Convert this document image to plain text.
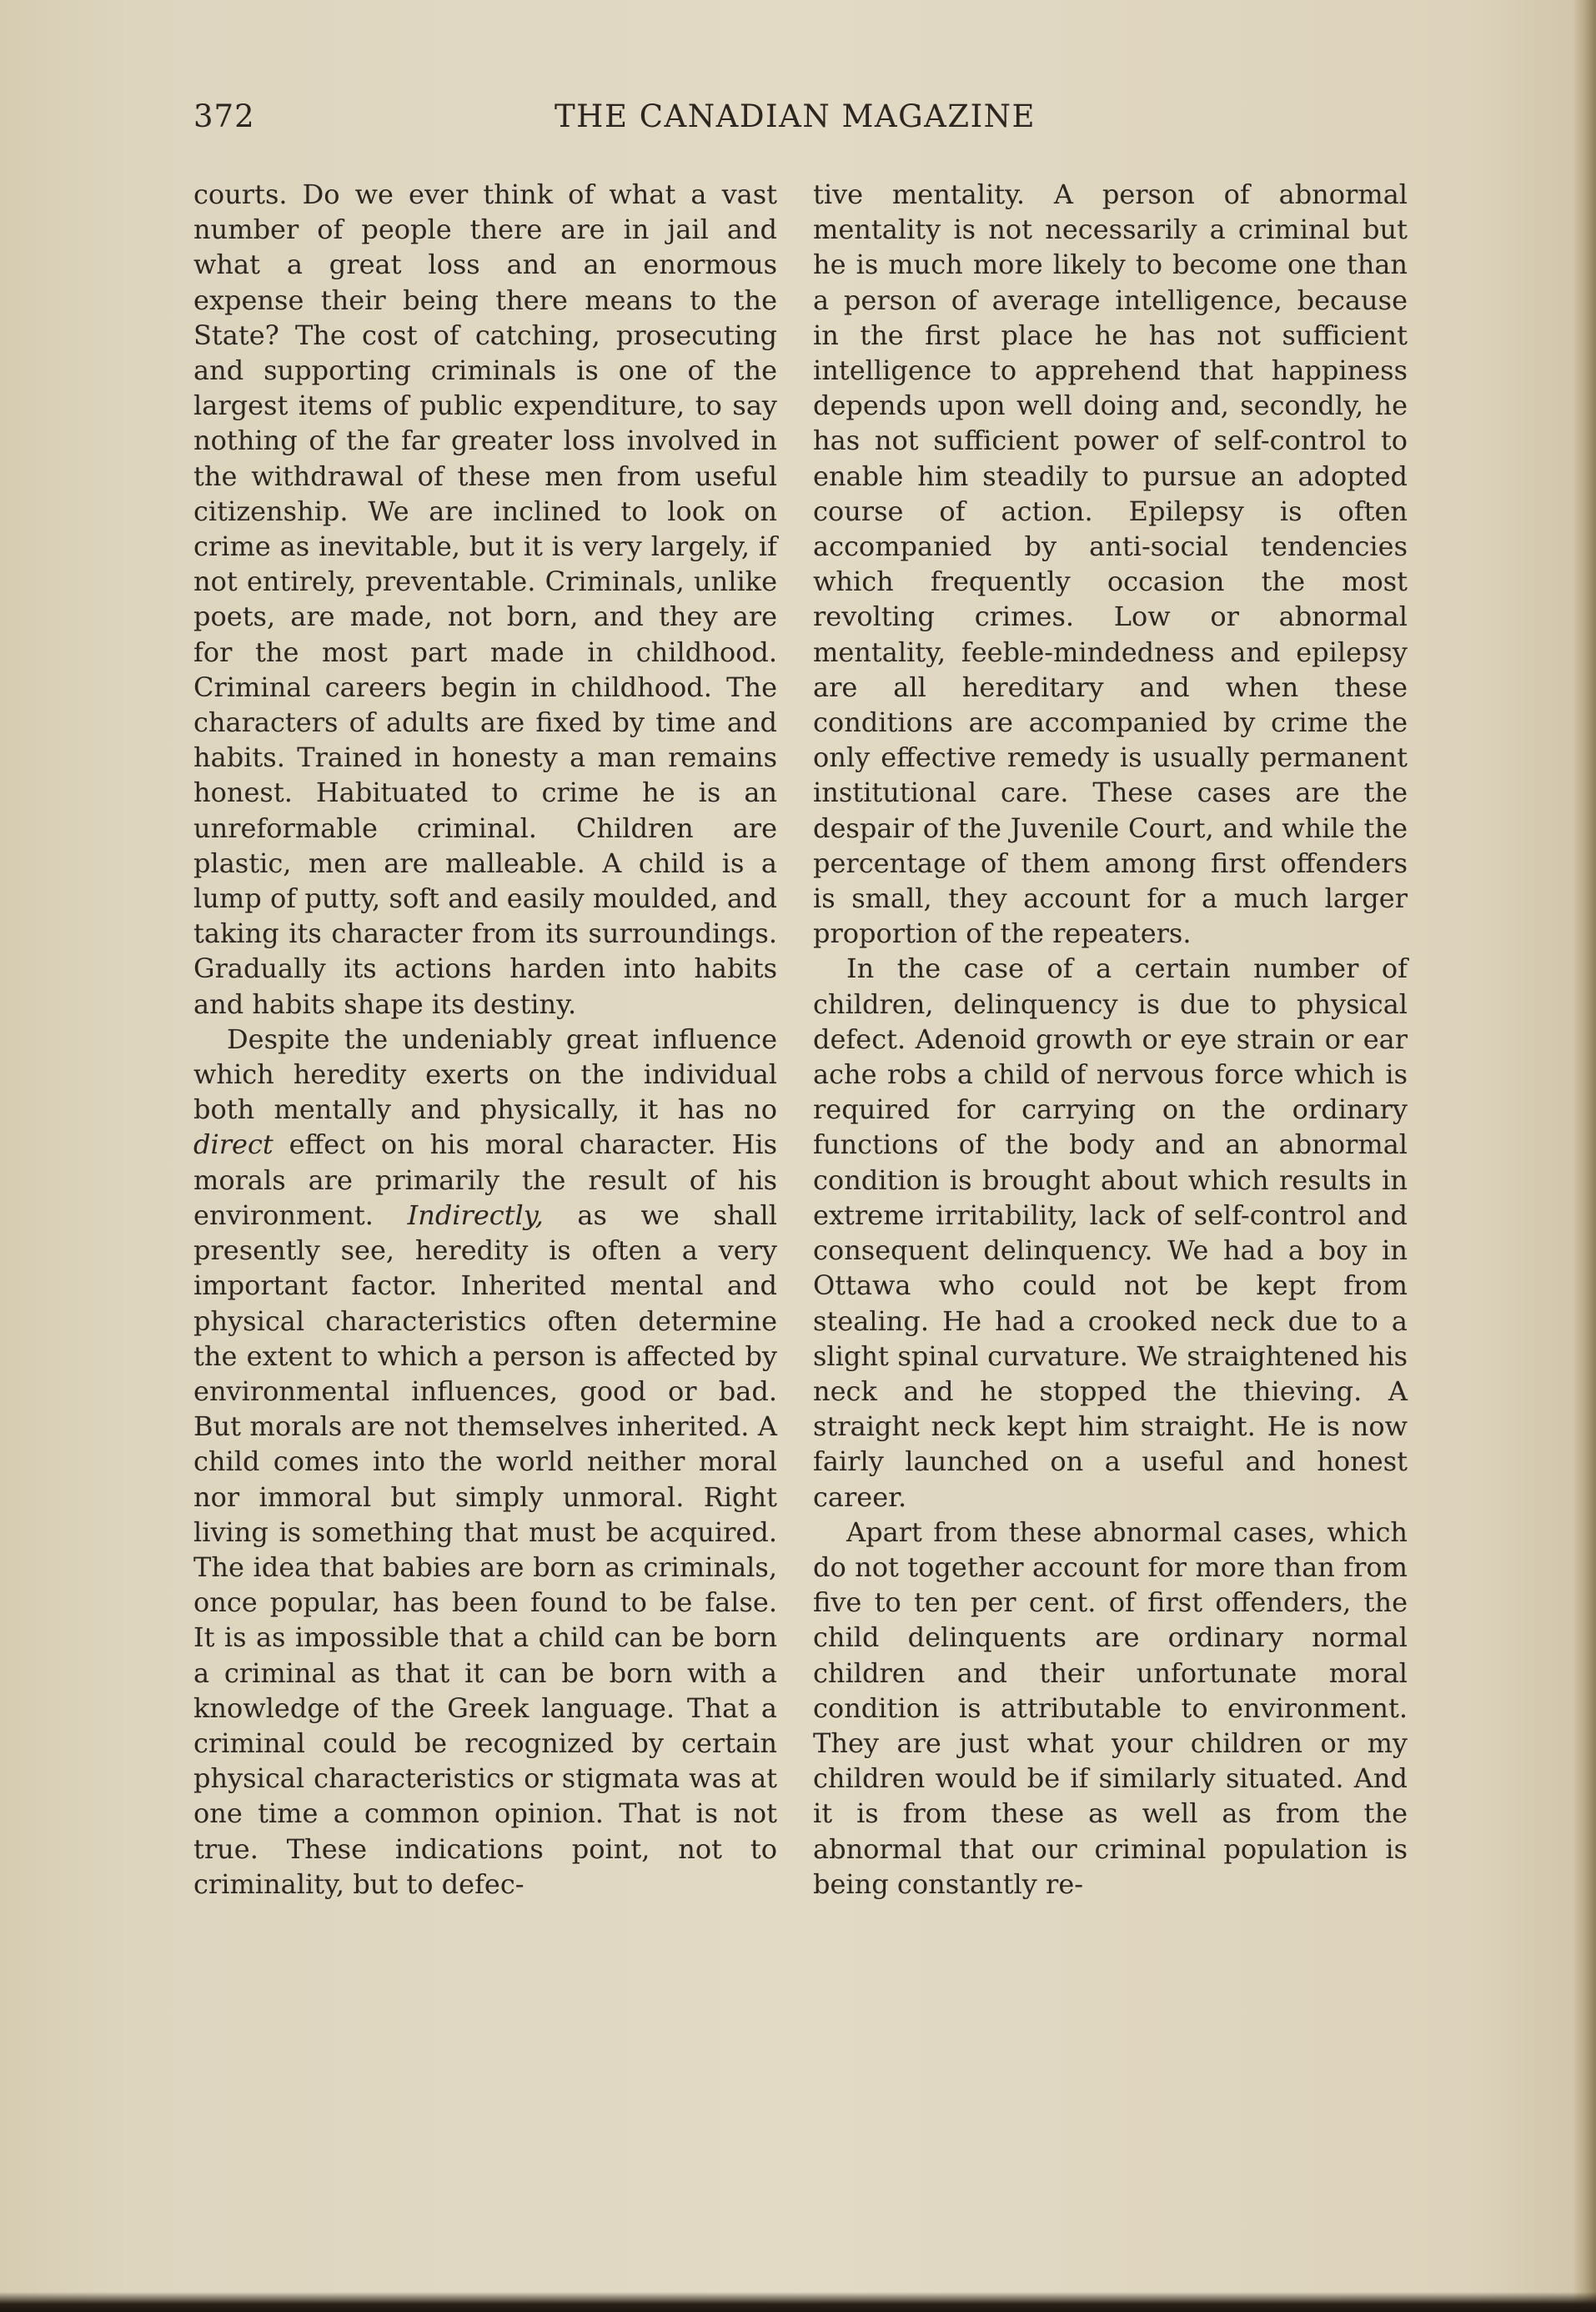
372	THE CANADIAN MAGAZINE

courts. Do we ever think of what a vast number of people there are in jail and what a great loss and an enormous expense their being there means to the State? The cost of catching, prosecuting and supporting criminals is one of the largest items of public expenditure, to say nothing of the far greater loss involved in the withdrawal of these men from useful citizenship. We are inclined to look on crime as inevitable, but it is very largely, if not entirely, preventable. Criminals, unlike poets, are made, not born, and they are for the most part made in childhood. Criminal careers begin in childhood. The characters of adults are fixed by time and habits. Trained in honesty a man remains honest. Habituated to crime he is an unreformable criminal. Children are plastic, men are malleable. A child is a lump of putty, soft and easily moulded, and taking its character from its surroundings. Gradually its actions harden into habits and habits shape its destiny.

Despite the undeniably great influence which heredity exerts on the individual both mentally and physically, it has no direct effect on his moral character. His morals are primarily the result of his environment. Indirectly, as we shall presently see, heredity is often a very important factor. Inherited mental and physical characteristics often determine the extent to which a person is affected by environmental influences, good or bad. But morals are not themselves inherited. A child comes into the world neither moral nor immoral but simply unmoral. Right living is something that must be acquired. The idea that babies are born as criminals, once popular, has been found to be false. It is as impossible that a child can be born a criminal as that it can be born with a knowledge of the Greek language. That a criminal could be recognized by certain physical characteristics or stigmata was at one time a common opinion. That is not true. These indications point, not to criminality, but to defec-

tive mentality. A person of abnormal mentality is not necessarily a criminal but he is much more likely to become one than a person of average intelligence, because in the first place he has not sufficient intelligence to apprehend that happiness depends upon well doing and, secondly, he has not sufficient power of self-control to enable him steadily to pursue an adopted course of action. Epilepsy is often accompanied by anti-social tendencies which frequently occasion the most revolting crimes. Low or abnormal mentality, feeble-mindedness and epilepsy are all hereditary and when these conditions are accompanied by crime the only effective remedy is usually permanent institutional care. These cases are the despair of the Juvenile Court, and while the percentage of them among first offenders is small, they account for a much larger proportion of the repeaters.

In the case of a certain number of children, delinquency is due to physical defect. Adenoid growth or eye strain or ear ache robs a child of nervous force which is required for carrying on the ordinary functions of the body and an abnormal condition is brought about which results in extreme irritability, lack of self-control and consequent delinquency. We had a boy in Ottawa who could not be kept from stealing. He had a crooked neck due to a slight spinal curvature. We straightened his neck and he stopped the thieving. A straight neck kept him straight. He is now fairly launched on a useful and honest career.

Apart from these abnormal cases, which do not together account for more than from five to ten per cent. of first offenders, the child delinquents are ordinary normal children and their unfortunate moral condition is attributable to environment. They are just what your children or my children would be if similarly situated. And it is from these as well as from the abnormal that our criminal population is being constantly re-
